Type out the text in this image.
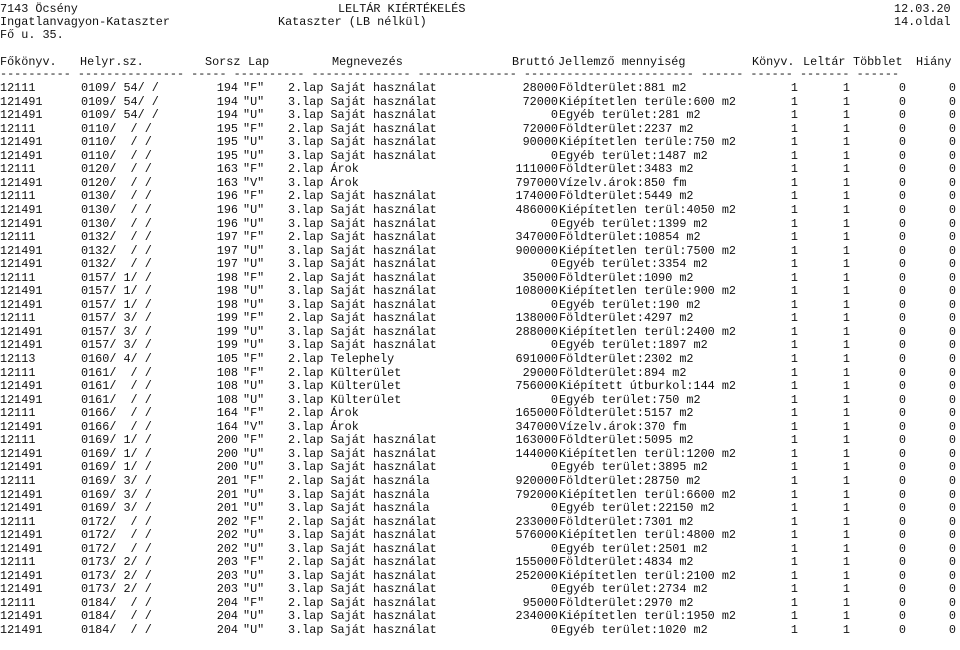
7143 Öcsény	LELTÁR KIÉRTÉKELÉS	12.03.20
Ingatlanvagyon-Kataszter	Kataszter (LB nélkül)	14.oldal
Fő u. 35.
Főkönyv. Helyr.sz.	Sorsz Lap	Megnevezés	Bruttó Jellemző mennyiség	Könyv. Leltár Többlet Hiány
---------- --------------- ----- ---------- -------------- -------------- ------------------------ ------ ------ ------- ------
12111	0109/ 54/ /	194 "F"	2.lap Saját használat	28000 Földterület:881 m2	1	1	0	0
121491	0109/ 54/ /	194 "U"	3.lap Saját használat	72000 Kiépítetlen terüle:600 m2	1	1	0	0
121491	0109/ 54/ /	194 "U"	3.lap Saját használat	0 Egyéb terület:281 m2	1	1	0	0
12111	0110/  / /	195 "F"	2.lap Saját használat	72000 Földterület:2237 m2	1	1	0	0
121491	0110/  / /	195 "U"	3.lap Saját használat	90000 Kiépítetlen terüle:750 m2	1	1	0	0
121491	0110/  / /	195 "U"	3.lap Saját használat	0 Egyéb terület:1487 m2	1	1	0	0
12111	0120/  / /	163 "F"	2.lap Árok	111000 Földterület:3483 m2	1	1	0	0
121491	0120/  / /	163 "V"	3.lap Árok	797000 Vízelv.árok:850 fm	1	1	0	0
12111	0130/  / /	196 "F"	2.lap Saját használat	174000 Földterület:5449 m2	1	1	0	0
121491	0130/  / /	196 "U"	3.lap Saját használat	486000 Kiépítetlen terül:4050 m2	1	1	0	0
121491	0130/  / /	196 "U"	3.lap Saját használat	0 Egyéb terület:1399 m2	1	1	0	0
12111	0132/  / /	197 "F"	2.lap Saját használat	347000 Földterület:10854 m2	1	1	0	0
121491	0132/  / /	197 "U"	3.lap Saját használat	900000 Kiépítetlen terül:7500 m2	1	1	0	0
121491	0132/  / /	197 "U"	3.lap Saját használat	0 Egyéb terület:3354 m2	1	1	0	0
12111	0157/ 1/ /	198 "F"	2.lap Saját használat	35000 Földterület:1090 m2	1	1	0	0
121491	0157/ 1/ /	198 "U"	3.lap Saját használat	108000 Kiépítetlen terüle:900 m2	1	1	0	0
121491	0157/ 1/ /	198 "U"	3.lap Saját használat	0 Egyéb terület:190 m2	1	1	0	0
12111	0157/ 3/ /	199 "F"	2.lap Saját használat	138000 Földterület:4297 m2	1	1	0	0
121491	0157/ 3/ /	199 "U"	3.lap Saját használat	288000 Kiépítetlen terül:2400 m2	1	1	0	0
121491	0157/ 3/ /	199 "U"	3.lap Saját használat	0 Egyéb terület:1897 m2	1	1	0	0
12113	0160/ 4/ /	105 "F"	2.lap Telephely	691000 Földterület:2302 m2	1	1	0	0
12111	0161/  / /	108 "F"	2.lap Külterület	29000 Földterület:894 m2	1	1	0	0
121491	0161/  / /	108 "U"	3.lap Külterület	756000 Kiépített útburkol:144 m2	1	1	0	0
121491	0161/  / /	108 "U"	3.lap Külterület	0 Egyéb terület:750 m2	1	1	0	0
12111	0166/  / /	164 "F"	2.lap Árok	165000 Földterület:5157 m2	1	1	0	0
121491	0166/  / /	164 "V"	3.lap Árok	347000 Vízelv.árok:370 fm	1	1	0	0
12111	0169/ 1/ /	200 "F"	2.lap Saját használat	163000 Földterület:5095 m2	1	1	0	0
121491	0169/ 1/ /	200 "U"	3.lap Saját használat	144000 Kiépítetlen terül:1200 m2	1	1	0	0
121491	0169/ 1/ /	200 "U"	3.lap Saját használat	0 Egyéb terület:3895 m2	1	1	0	0
12111	0169/ 3/ /	201 "F"	2.lap Saját használa	920000 Földterület:28750 m2	1	1	0	0
121491	0169/ 3/ /	201 "U"	3.lap Saját használa	792000 Kiépítetlen terül:6600 m2	1	1	0	0
121491	0169/ 3/ /	201 "U"	3.lap Saját használa	0 Egyéb terület:22150 m2	1	1	0	0
12111	0172/  / /	202 "F"	2.lap Saját használat	233000 Földterület:7301 m2	1	1	0	0
121491	0172/  / /	202 "U"	3.lap Saját használat	576000 Kiépítetlen terül:4800 m2	1	1	0	0
121491	0172/  / /	202 "U"	3.lap Saját használat	0 Egyéb terület:2501 m2	1	1	0	0
12111	0173/ 2/ /	203 "F"	2.lap Saját használat	155000 Földterület:4834 m2	1	1	0	0
121491	0173/ 2/ /	203 "U"	3.lap Saját használat	252000 Kiépítetlen terül:2100 m2	1	1	0	0
121491	0173/ 2/ /	203 "U"	3.lap Saját használat	0 Egyéb terület:2734 m2	1	1	0	0
12111	0184/  / /	204 "F"	2.lap Saját használat	95000 Földterület:2970 m2	1	1	0	0
121491	0184/  / /	204 "U"	3.lap Saját használat	234000 Kiépítetlen terül:1950 m2	1	1	0	0
121491	0184/  / /	204 "U"	3.lap Saját használat	0 Egyéb terület:1020 m2	1	1	0	0
